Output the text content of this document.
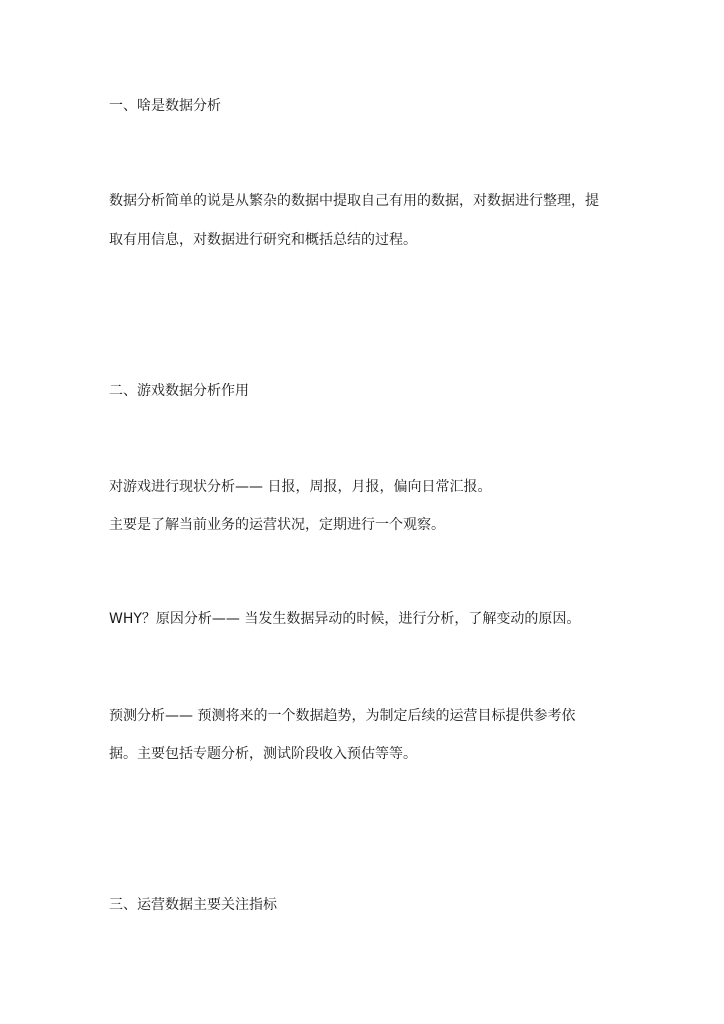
一、啥是数据分析

数据分析简单的说是从繁杂的数据中提取自己有用的数据，对数据进行整理，提

取有用信息，对数据进行研究和概括总结的过程。

二、游戏数据分析作用

对游戏进行现状分析—— 日报，周报，月报，偏向日常汇报。

主要是了解当前业务的运营状况，定期进行一个观察。

WHY？原因分析—— 当发生数据异动的时候，进行分析，了解变动的原因。

预测分析—— 预测将来的一个数据趋势，为制定后续的运营目标提供参考依

据。主要包括专题分析，测试阶段收入预估等等。

三、运营数据主要关注指标
